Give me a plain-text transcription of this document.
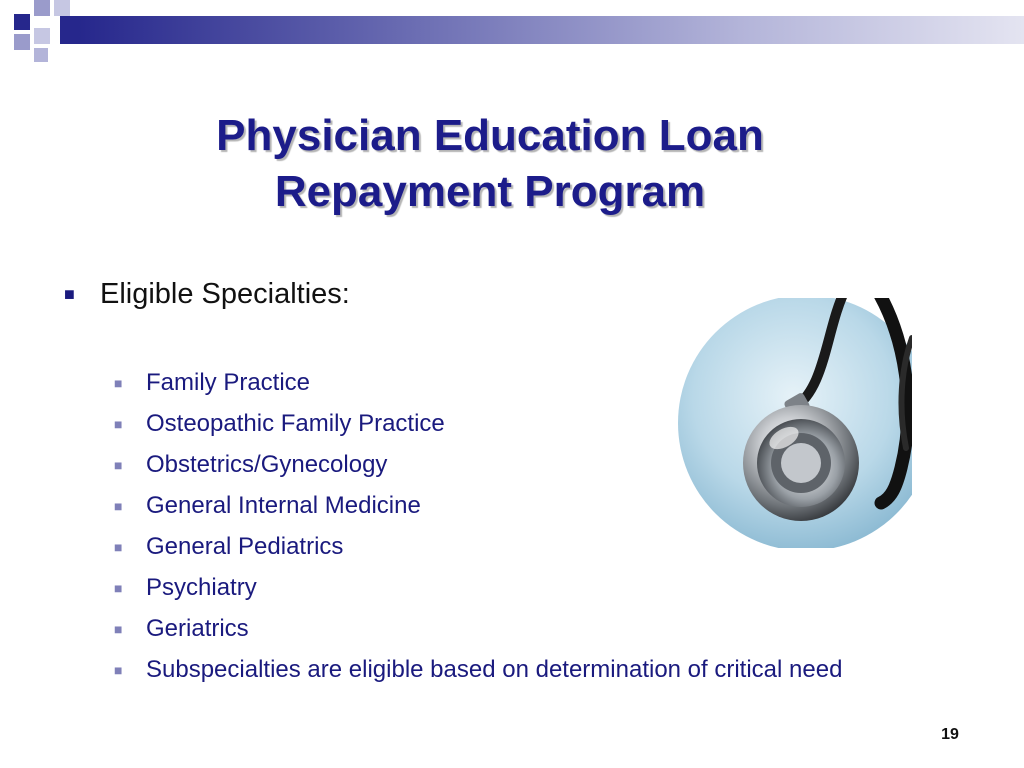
Physician Education Loan
Repayment Program
■ Eligible Specialties:
■ Family Practice
■ Osteopathic Family Practice
■ Obstetrics/Gynecology
■ General Internal Medicine
■ General Pediatrics
■ Psychiatry
■ Geriatrics
■ Subspecialties are eligible based on determination of critical need
19
